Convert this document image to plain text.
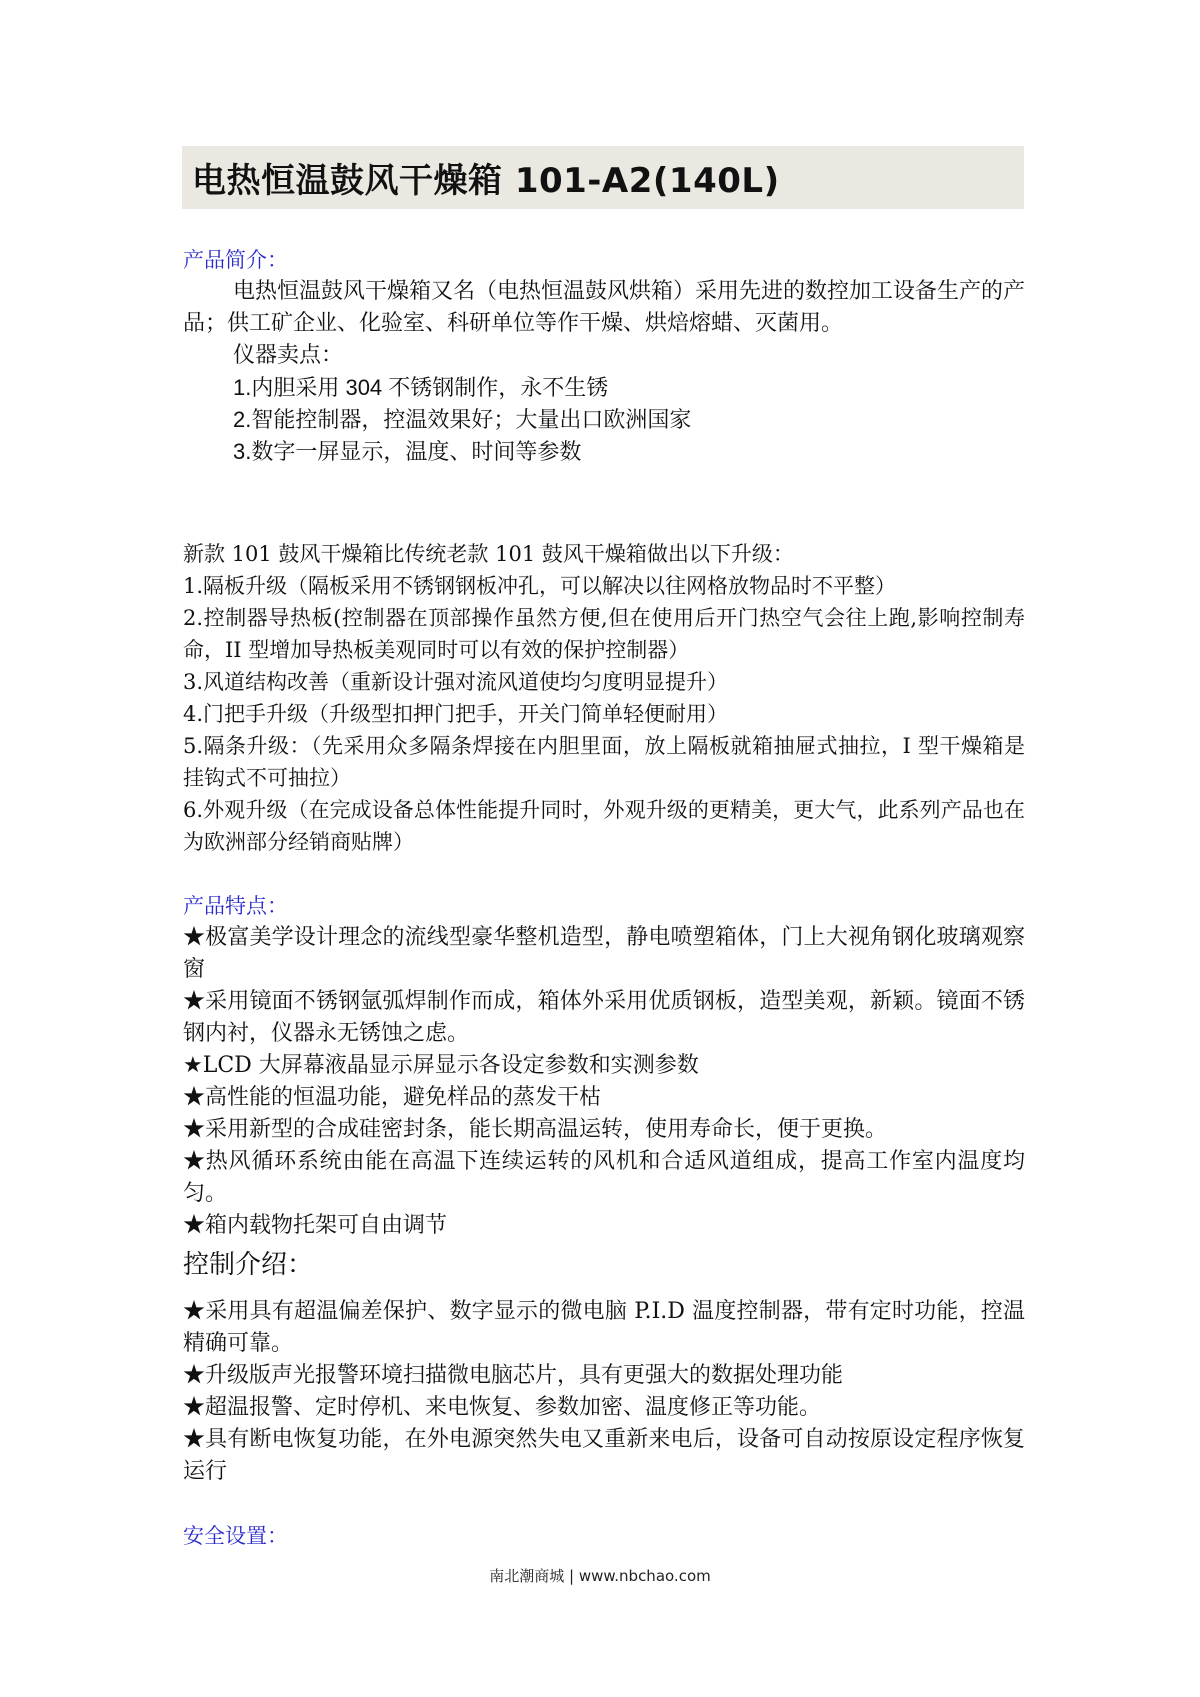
电热恒温鼓风干燥箱 101-A2(140L)
产品简介：
电热恒温鼓风干燥箱又名（电热恒温鼓风烘箱）采用先进的数控加工设备生产的产品；供工矿企业、化验室、科研单位等作干燥、烘焙熔蜡、灭菌用。
仪器卖点：
1.内胆采用 304 不锈钢制作，永不生锈
2.智能控制器，控温效果好；大量出口欧洲国家
3.数字一屏显示，温度、时间等参数
新款 101 鼓风干燥箱比传统老款 101 鼓风干燥箱做出以下升级：
1.隔板升级（隔板采用不锈钢钢板冲孔，可以解决以往网格放物品时不平整）
2.控制器导热板(控制器在顶部操作虽然方便,但在使用后开门热空气会往上跑,影响控制寿命，II 型增加导热板美观同时可以有效的保护控制器）
3.风道结构改善（重新设计强对流风道使均匀度明显提升）
4.门把手升级（升级型扣押门把手，开关门简单轻便耐用）
5.隔条升级：（先采用众多隔条焊接在内胆里面，放上隔板就箱抽屉式抽拉，I 型干燥箱是挂钩式不可抽拉）
6.外观升级（在完成设备总体性能提升同时，外观升级的更精美，更大气，此系列产品也在为欧洲部分经销商贴牌）
产品特点：
★极富美学设计理念的流线型豪华整机造型，静电喷塑箱体，门上大视角钢化玻璃观察窗
★采用镜面不锈钢氩弧焊制作而成，箱体外采用优质钢板，造型美观，新颖。镜面不锈钢内衬，仪器永无锈蚀之虑。
★LCD 大屏幕液晶显示屏显示各设定参数和实测参数
★高性能的恒温功能，避免样品的蒸发干枯
★采用新型的合成硅密封条，能长期高温运转，使用寿命长，便于更换。
★热风循环系统由能在高温下连续运转的风机和合适风道组成，提高工作室内温度均匀。
★箱内载物托架可自由调节
控制介绍：
★采用具有超温偏差保护、数字显示的微电脑 P.I.D 温度控制器，带有定时功能，控温精确可靠。
★升级版声光报警环境扫描微电脑芯片，具有更强大的数据处理功能
★超温报警、定时停机、来电恢复、参数加密、温度修正等功能。
★具有断电恢复功能，在外电源突然失电又重新来电后，设备可自动按原设定程序恢复运行
安全设置：
南北潮商城 | www.nbchao.com
